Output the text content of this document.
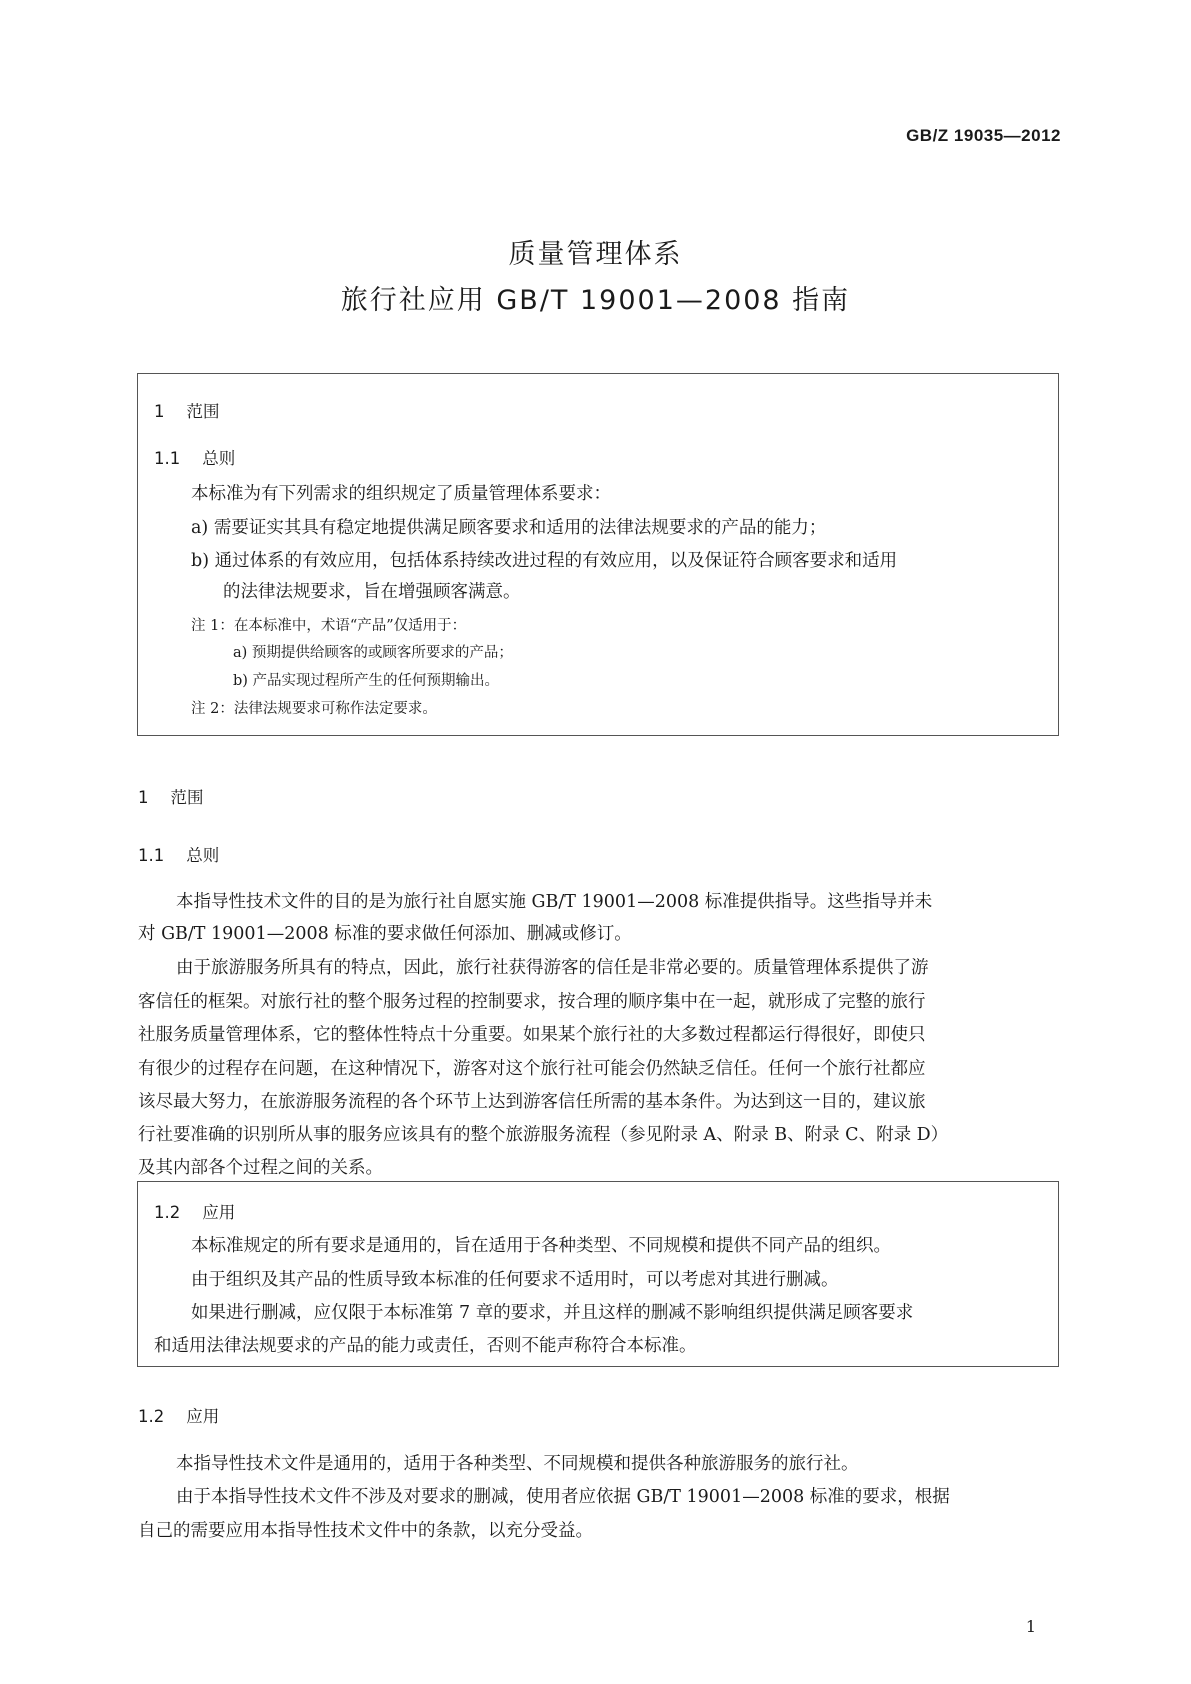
GB/Z 19035—2012
质量管理体系
旅行社应用 GB/T 19001—2008 指南
1 范围
1.1 总则
本标准为有下列需求的组织规定了质量管理体系要求：
a) 需要证实其具有稳定地提供满足顾客要求和适用的法律法规要求的产品的能力；
b) 通过体系的有效应用，包括体系持续改进过程的有效应用，以及保证符合顾客要求和适用
的法律法规要求，旨在增强顾客满意。
注 1：在本标准中，术语“产品”仅适用于：
a) 预期提供给顾客的或顾客所要求的产品；
b) 产品实现过程所产生的任何预期输出。
注 2：法律法规要求可称作法定要求。
1 范围
1.1 总则
本指导性技术文件的目的是为旅行社自愿实施 GB/T 19001—2008 标准提供指导。这些指导并未
对 GB/T 19001—2008 标准的要求做任何添加、删减或修订。
由于旅游服务所具有的特点，因此，旅行社获得游客的信任是非常必要的。质量管理体系提供了游
客信任的框架。对旅行社的整个服务过程的控制要求，按合理的顺序集中在一起，就形成了完整的旅行
社服务质量管理体系，它的整体性特点十分重要。如果某个旅行社的大多数过程都运行得很好，即使只
有很少的过程存在问题，在这种情况下，游客对这个旅行社可能会仍然缺乏信任。任何一个旅行社都应
该尽最大努力，在旅游服务流程的各个环节上达到游客信任所需的基本条件。为达到这一目的，建议旅
行社要准确的识别所从事的服务应该具有的整个旅游服务流程（参见附录 A、附录 B、附录 C、附录 D）
及其内部各个过程之间的关系。
1.2 应用
本标准规定的所有要求是通用的，旨在适用于各种类型、不同规模和提供不同产品的组织。
由于组织及其产品的性质导致本标准的任何要求不适用时，可以考虑对其进行删减。
如果进行删减，应仅限于本标准第 7 章的要求，并且这样的删减不影响组织提供满足顾客要求
和适用法律法规要求的产品的能力或责任，否则不能声称符合本标准。
1.2 应用
本指导性技术文件是通用的，适用于各种类型、不同规模和提供各种旅游服务的旅行社。
由于本指导性技术文件不涉及对要求的删减，使用者应依据 GB/T 19001—2008 标准的要求，根据
自己的需要应用本指导性技术文件中的条款，以充分受益。
1
